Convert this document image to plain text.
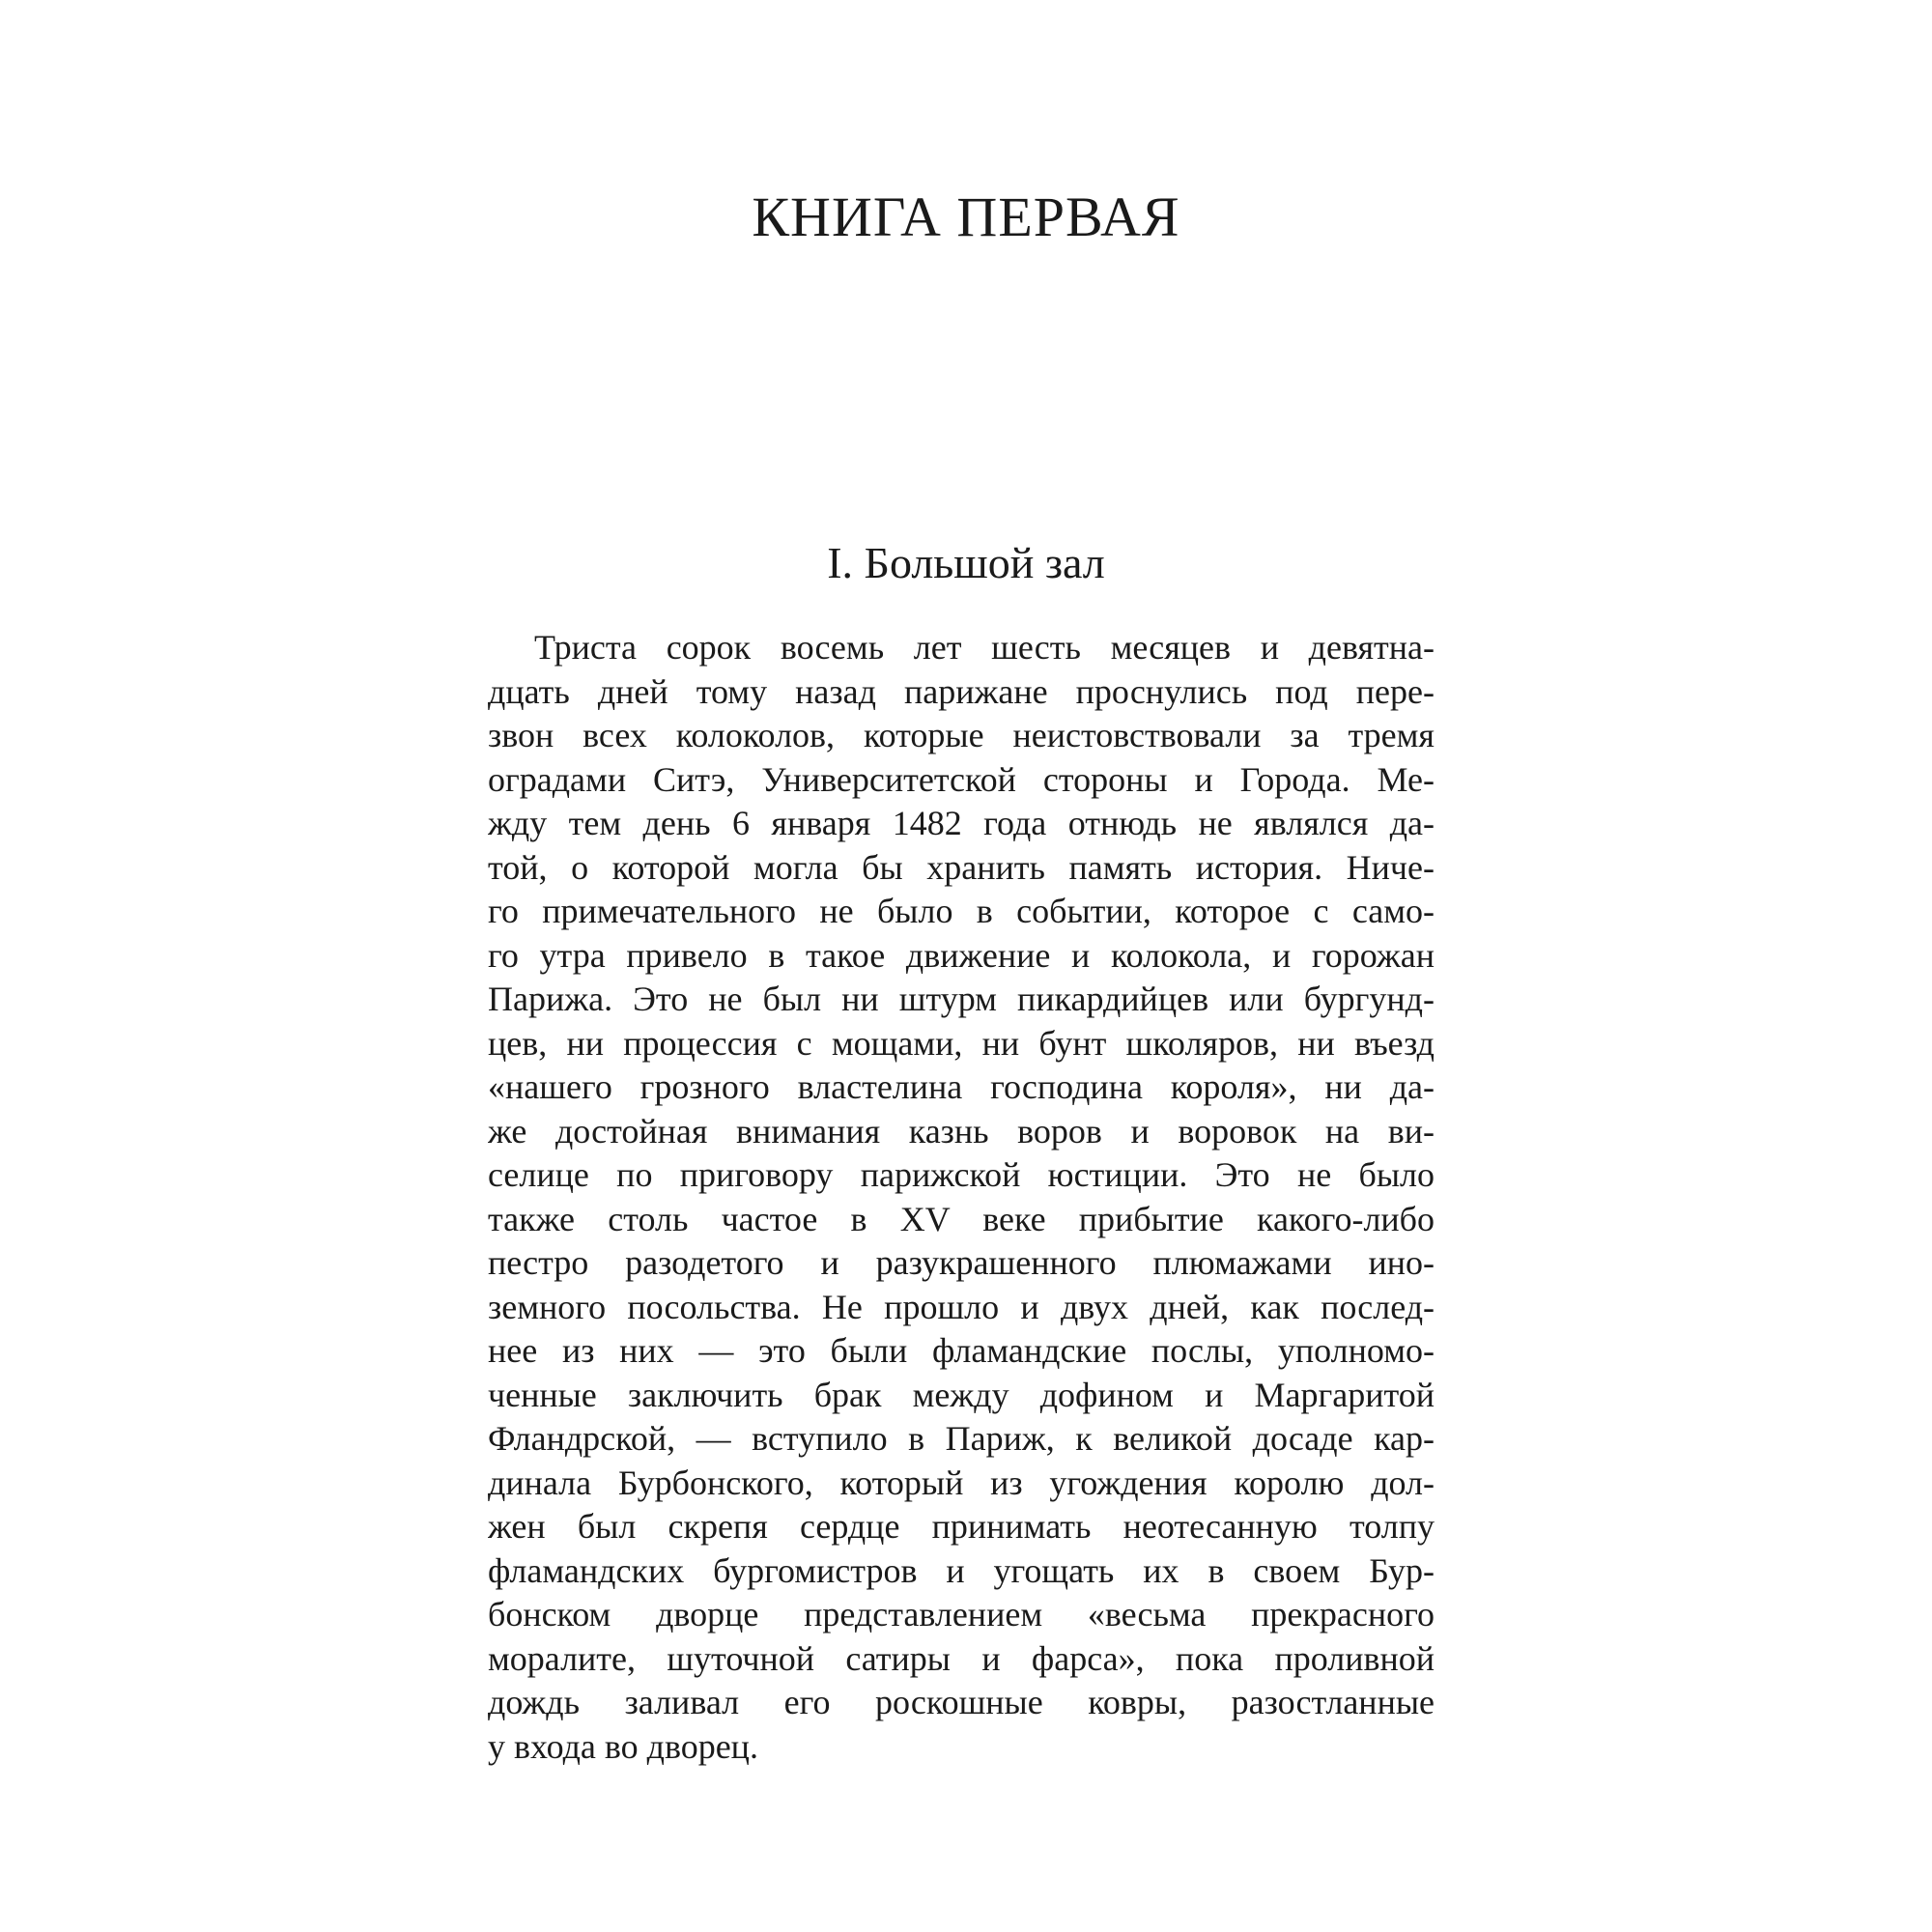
КНИГА ПЕРВАЯ
I. Большой зал
Триста сорок восемь лет шесть месяцев и девятна-
дцать дней тому назад парижане проснулись под пере-
звон всех колоколов, которые неистовствовали за тремя
оградами Ситэ, Университетской стороны и Города. Ме-
жду тем день 6 января 1482 года отнюдь не являлся да-
той, о которой могла бы хранить память история. Ниче-
го примечательного не было в событии, которое с само-
го утра привело в такое движение и колокола, и горожан
Парижа. Это не был ни штурм пикардийцев или бургунд-
цев, ни процессия с мощами, ни бунт школяров, ни въезд
«нашего грозного властелина господина короля», ни да-
же достойная внимания казнь воров и воровок на ви-
селице по приговору парижской юстиции. Это не было
также столь частое в XV веке прибытие какого-либо
пестро разодетого и разукрашенного плюмажами ино-
земного посольства. Не прошло и двух дней, как послед-
нее из них — это были фламандские послы, уполномо-
ченные заключить брак между дофином и Маргаритой
Фландрской, — вступило в Париж, к великой досаде кар-
динала Бурбонского, который из угождения королю дол-
жен был скрепя сердце принимать неотесанную толпу
фламандских бургомистров и угощать их в своем Бур-
бонском дворце представлением «весьма прекрасного
моралите, шуточной сатиры и фарса», пока проливной
дождь заливал его роскошные ковры, разостланные
у входа во дворец.
